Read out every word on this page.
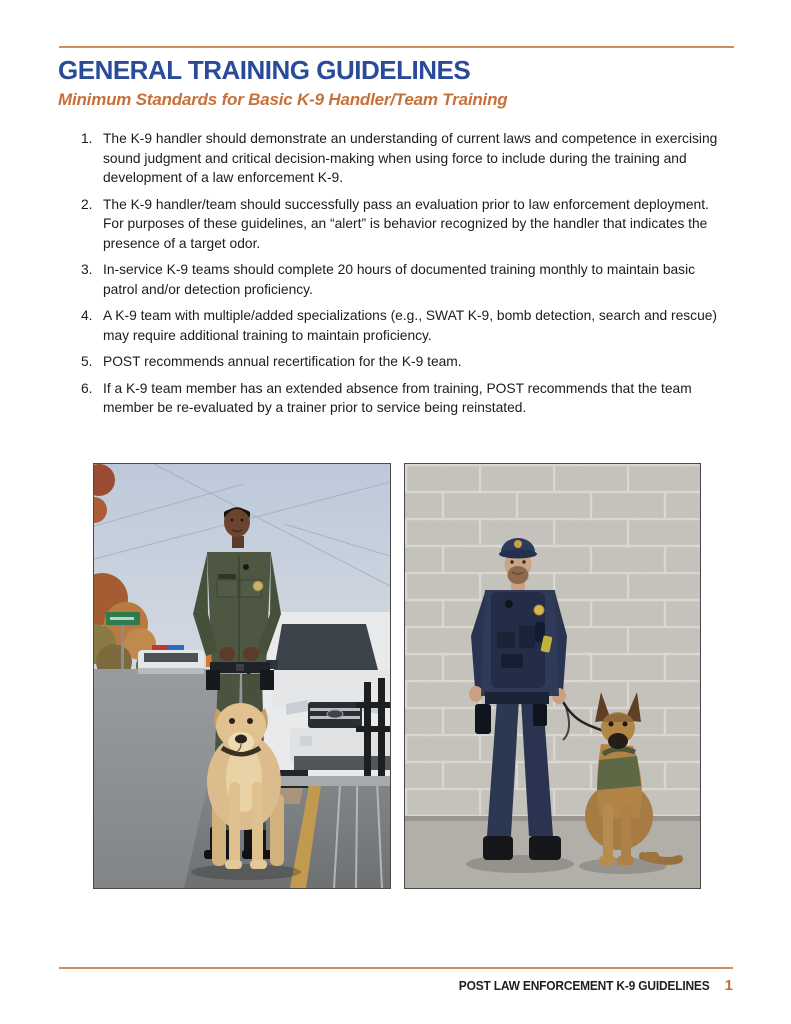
GENERAL TRAINING GUIDELINES
Minimum Standards for Basic K-9 Handler/Team Training
1. The K-9 handler should demonstrate an understanding of current laws and competence in exercising sound judgment and critical decision-making when using force to include during the training and development of a law enforcement K-9.
2. The K-9 handler/team should successfully pass an evaluation prior to law enforcement deployment. For purposes of these guidelines, an “alert” is behavior recognized by the handler that indicates the presence of a target odor.
3. In-service K-9 teams should complete 20 hours of documented training monthly to maintain basic patrol and/or detection proficiency.
4. A K-9 team with multiple/added specializations (e.g., SWAT K-9, bomb detection, search and rescue) may require additional training to maintain proficiency.
5. POST recommends annual recertification for the K-9 team.
6. If a K-9 team member has an extended absence from training, POST recommends that the team member be re-evaluated by a trainer prior to service being reinstated.
POST LAW ENFORCEMENT K-9 GUIDELINES 1
